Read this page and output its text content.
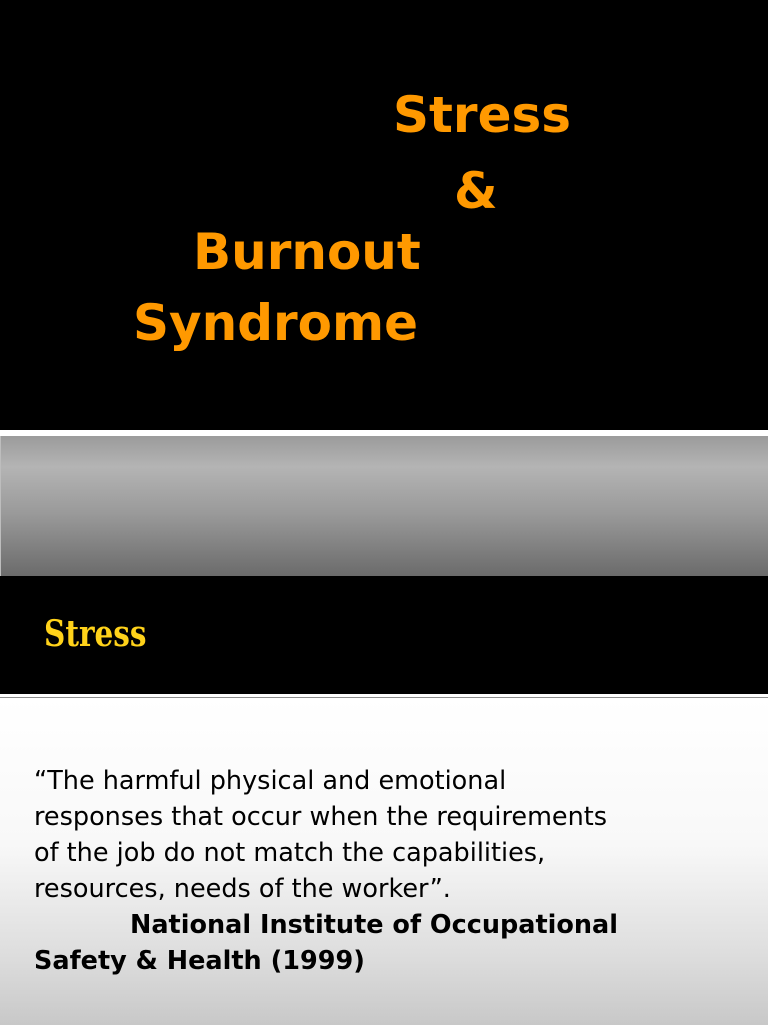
Stress
&
Burnout
Syndrome
Stress

“The harmful physical and emotional
responses that occur when the requirements
of the job do not match the capabilities,
resources, needs of the worker”.

National Institute of Occupational
Safety & Health (1999)
